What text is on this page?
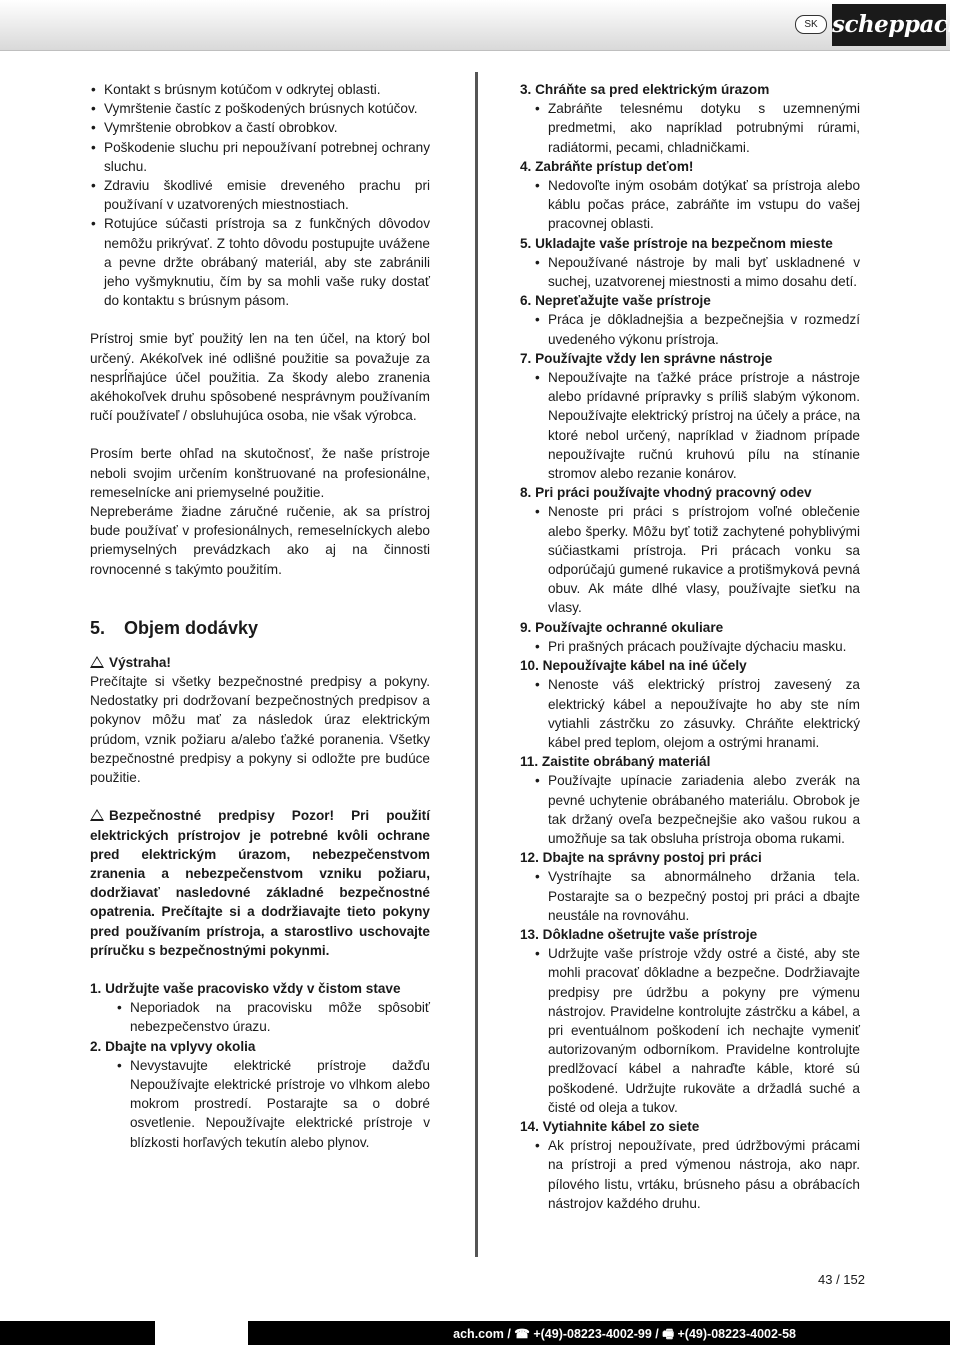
SK scheppach
• Kontakt s brúsnym kotúčom v odkrytej oblasti.
• Vymrštenie častíc z poškodených brúsnych kotúčov.
• Vymrštenie obrobkov a častí obrobkov.
• Poškodenie sluchu pri nepoužívaní potrebnej ochrany sluchu.
• Zdraviu škodlivé emisie dreveného prachu pri používaní v uzatvorených miestnostiach.
• Rotujúce súčasti prístroja sa z funkčných dôvodov nemôžu prikrývať. Z tohto dôvodu postupujte uvážene a pevne držte obrábaný materiál, aby ste zabránili jeho vyšmyknutiu, čím by sa mohli vaše ruky dostať do kontaktu s brúsnym pásom.

Prístroj smie byť použitý len na ten účel, na ktorý bol určený. Akékoľvek iné odlišné použitie sa považuje za nesprĺňajúce účel použitia. Za škody alebo zranenia akéhokoľvek druhu spôsobené nesprávnym používaním ručí používateľ / obsluhujúca osoba, nie však výrobca.

Prosím berte ohľad na skutočnosť, že naše prístroje neboli svojim určením konštruované na profesionálne, remeselnícke ani priemyselné použitie.

Nepreberáme žiadne záručné ručenie, ak sa prístroj bude používať v profesionálnych, remeselníckych alebo priemyselných prevádzkach ako aj na činnosti rovnocenné s takýmto použitím.

5. Objem dodávky
Výstraha!

Prečítajte si všetky bezpečnostné predpisy a pokyny. Nedostatky pri dodržovaní bezpečnostných predpisov a pokynov môžu mať za následok úraz elektrickým prúdom, vznik požiaru a/alebo ťažké poranenia. Všetky bezpečnostné predpisy a pokyny si odložte pre budúce použitie.

Bezpečnostné predpisy Pozor! Pri použití elektrických prístrojov je potrebné kvôli ochrane pred elektrickým úrazom, nebezpečenstvom zranenia a nebezpečenstvom vzniku požiaru, dodržiavať nasledovné základné bezpečnostné opatrenia. Prečítajte si a dodržiavajte tieto pokyny pred používaním prístroja, a starostlivo uschovajte príručku s bezpečnostnými pokynmi.

1. Udržujte vaše pracovisko vždy v čistom stave
• Neporiadok na pracovisku môže spôsobiť nebezpečenstvo úrazu.
2. Dbajte na vplyvy okolia
• Nevystavujte elektrické prístroje dažďu Nepoužívajte elektrické prístroje vo vlhkom alebo mokrom prostredí. Postarajte sa o dobré osvetlenie. Nepoužívajte elektrické prístroje v blízkosti horľavých tekutín alebo plynov.
3. Chráňte sa pred elektrickým úrazom
• Zabráňte telesnému dotyku s uzemnenými predmetmi, ako napríklad potrubnými rúrami, radiátormi, pecami, chladničkami.
4. Zabráňte prístup deťom!
• Nedovoľte iným osobám dotýkať sa prístroja alebo káblu počas práce, zabráňte im vstupu do vašej pracovnej oblasti.
5. Ukladajte vaše prístroje na bezpečnom mieste
• Nepoužívané nástroje by mali byť uskladnené v suchej, uzatvorenej miestnosti a mimo dosahu detí.
6. Nepreťažujte vaše prístroje
• Práca je dôkladnejšia a bezpečnejšia v rozmedzí uvedeného výkonu prístroja.
7. Používajte vždy len správne nástroje
• Nepoužívajte na ťažké práce prístroje a nástroje alebo prídavné prípravky s príliš slabým výkonom. Nepoužívajte elektrický prístroj na účely a práce, na ktoré nebol určený, napríklad v žiadnom prípade nepoužívajte ručnú kruhovú pílu na stínanie stromov alebo rezanie konárov.
8. Pri práci používajte vhodný pracovný odev
• Nenoste pri práci s prístrojom voľné oblečenie alebo šperky. Môžu byť totiž zachytené pohyblivými súčiastkami prístroja. Pri prácach vonku sa odporúčajú gumené rukavice a protišmyková pevná obuv. Ak máte dlhé vlasy, používajte sieťku na vlasy.
9. Používajte ochranné okuliare
• Pri prašných prácach používajte dýchaciu masku.
10. Nepoužívajte kábel na iné účely
• Nenoste váš elektrický prístroj zavesený za elektrický kábel a nepoužívajte ho aby ste ním vytiahli zástrčku zo zásuvky. Chráňte elektrický kábel pred teplom, olejom a ostrými hranami.
11. Zaistite obrábaný materiál
• Používajte upínacie zariadenia alebo zverák na pevné uchytenie obrábaného materiálu. Obrobok je tak držaný oveľa bezpečnejšie ako vašou rukou a umožňuje sa tak obsluha prístroja oboma rukami.
12. Dbajte na správny postoj pri práci
• Vystríhajte sa abnormálneho držania tela. Postarajte sa o bezpečný postoj pri práci a dbajte neustále na rovnováhu.
13. Dôkladne ošetrujte vaše prístroje
• Udržujte vaše prístroje vždy ostré a čisté, aby ste mohli pracovať dôkladne a bezpečne. Dodržiavajte predpisy pre údržbu a pokyny pre výmenu nástrojov. Pravidelne kontrolujte zástrčku a kábel, a pri eventuálnom poškodení ich nechajte vymeniť autorizovaným odborníkom. Pravidelne kontrolujte predlžovací kábel a nahraďte káble, ktoré sú poškodené. Udržujte rukoväte a držadlá suché a čisté od oleja a tukov.
14. Vytiahnite kábel zo siete
• Ak prístroj nepoužívate, pred údržbovými prácami na prístroji a pred výmenou nástroja, ako napr. pílového listu, vrtáku, brúsneho pásu a obrábacích nástrojov každého druhu.
43 / 152
ach.com / ☎ +(49)-08223-4002-99 / 🖷 +(49)-08223-4002-58
